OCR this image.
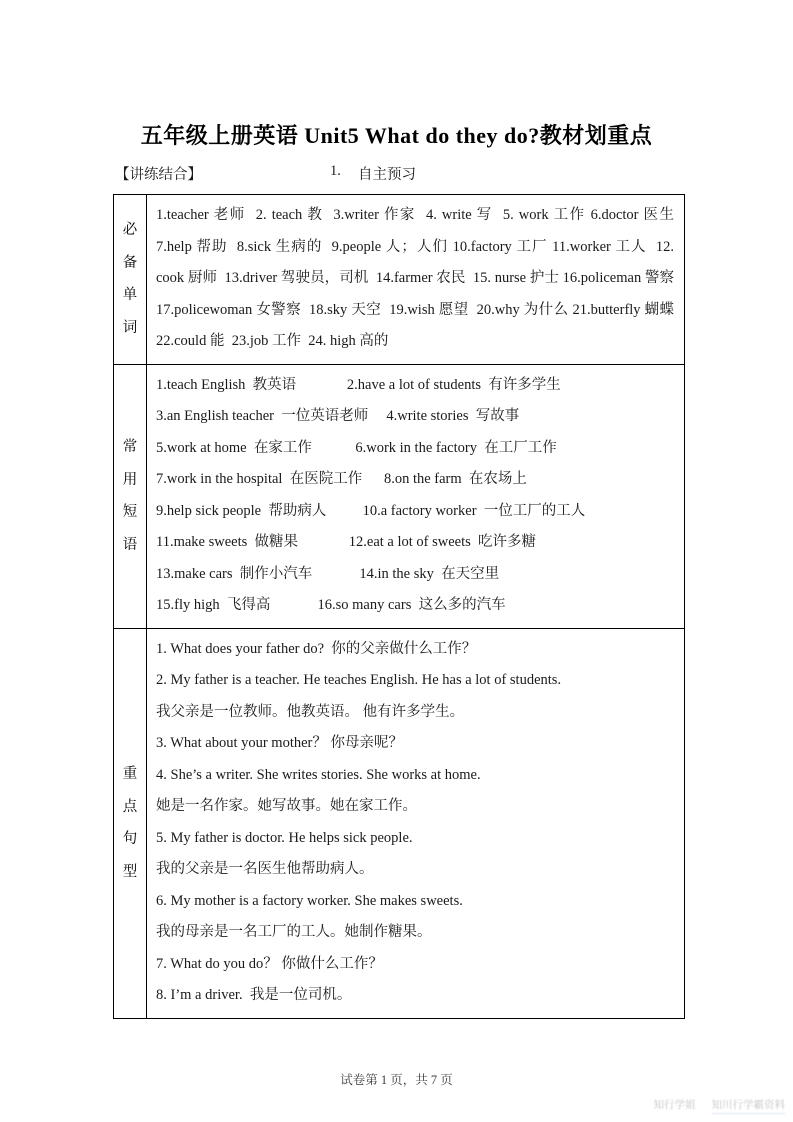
五年级上册英语 Unit5 What do they do?教材划重点
【讲练结合】	1. 自主预习
必
备
单
词
1.teacher 老师  2. teach 教  3.writer 作家  4. write 写  5. work 工作 6.doctor 医生  7.help 帮助  8.sick 生病的  9.people 人；人们 10.factory 工厂 11.worker 工人  12. cook 厨师  13.driver 驾驶员，司机  14.farmer 农民  15. nurse 护士 16.policeman 警察 17.policewoman 女警察  18.sky 天空  19.wish 愿望  20.why 为什么 21.butterfly 蝴蝶 22.could 能  23.job 工作  24. high 高的
常
用
短
语
1.teach English  教英语              2.have a lot of students  有许多学生
3.an English teacher  一位英语老师     4.write stories  写故事
5.work at home  在家工作            6.work in the factory  在工厂工作
7.work in the hospital  在医院工作      8.on the farm  在农场上
9.help sick people  帮助病人          10.a factory worker  一位工厂的工人
11.make sweets  做糖果              12.eat a lot of sweets  吃许多糖
13.make cars  制作小汽车             14.in the sky  在天空里
15.fly high  飞得高             16.so many cars  这么多的汽车
重
点
句
型
1. What does your father do?  你的父亲做什么工作？
2. My father is a teacher. He teaches English. He has a lot of students.
我父亲是一位教师。他教英语。 他有许多学生。
3. What about your mother？ 你母亲呢？
4. She’s a writer. She writes stories. She works at home.
她是一名作家。她写故事。她在家工作。
5. My father is doctor. He helps sick people.
我的父亲是一名医生他帮助病人。
6. My mother is a factory worker. She makes sweets.
我的母亲是一名工厂的工人。她制作糖果。
7. What do you do？ 你做什么工作？
8. I’m a driver.  我是一位司机。
试卷第 1 页，共 7 页
知行学姐 知川行学霸资料
